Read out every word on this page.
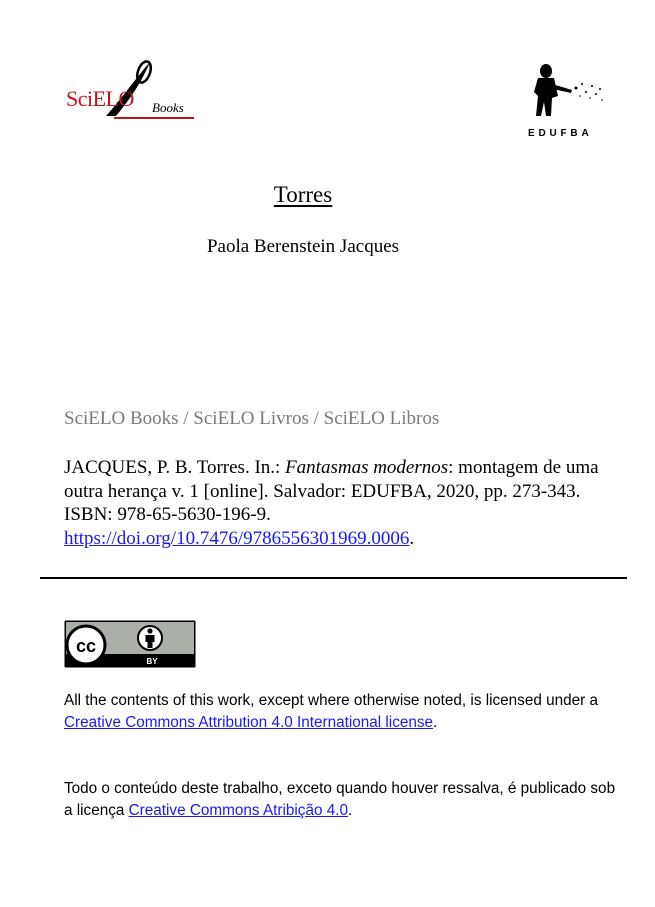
SciELO Books
EDUFBA
Torres
Paola Berenstein Jacques
SciELO Books / SciELO Livros / SciELO Libros
JACQUES, P. B. Torres. In.: Fantasmas modernos: montagem de uma outra herança v. 1 [online]. Salvador: EDUFBA, 2020, pp. 273-343. ISBN: 978-65-5630-196-9. https://doi.org/10.7476/9786556301969.0006.
cc
BY
All the contents of this work, except where otherwise noted, is licensed under a Creative Commons Attribution 4.0 International license.
Todo o conteúdo deste trabalho, exceto quando houver ressalva, é publicado sob a licença Creative Commons Atribição 4.0.
